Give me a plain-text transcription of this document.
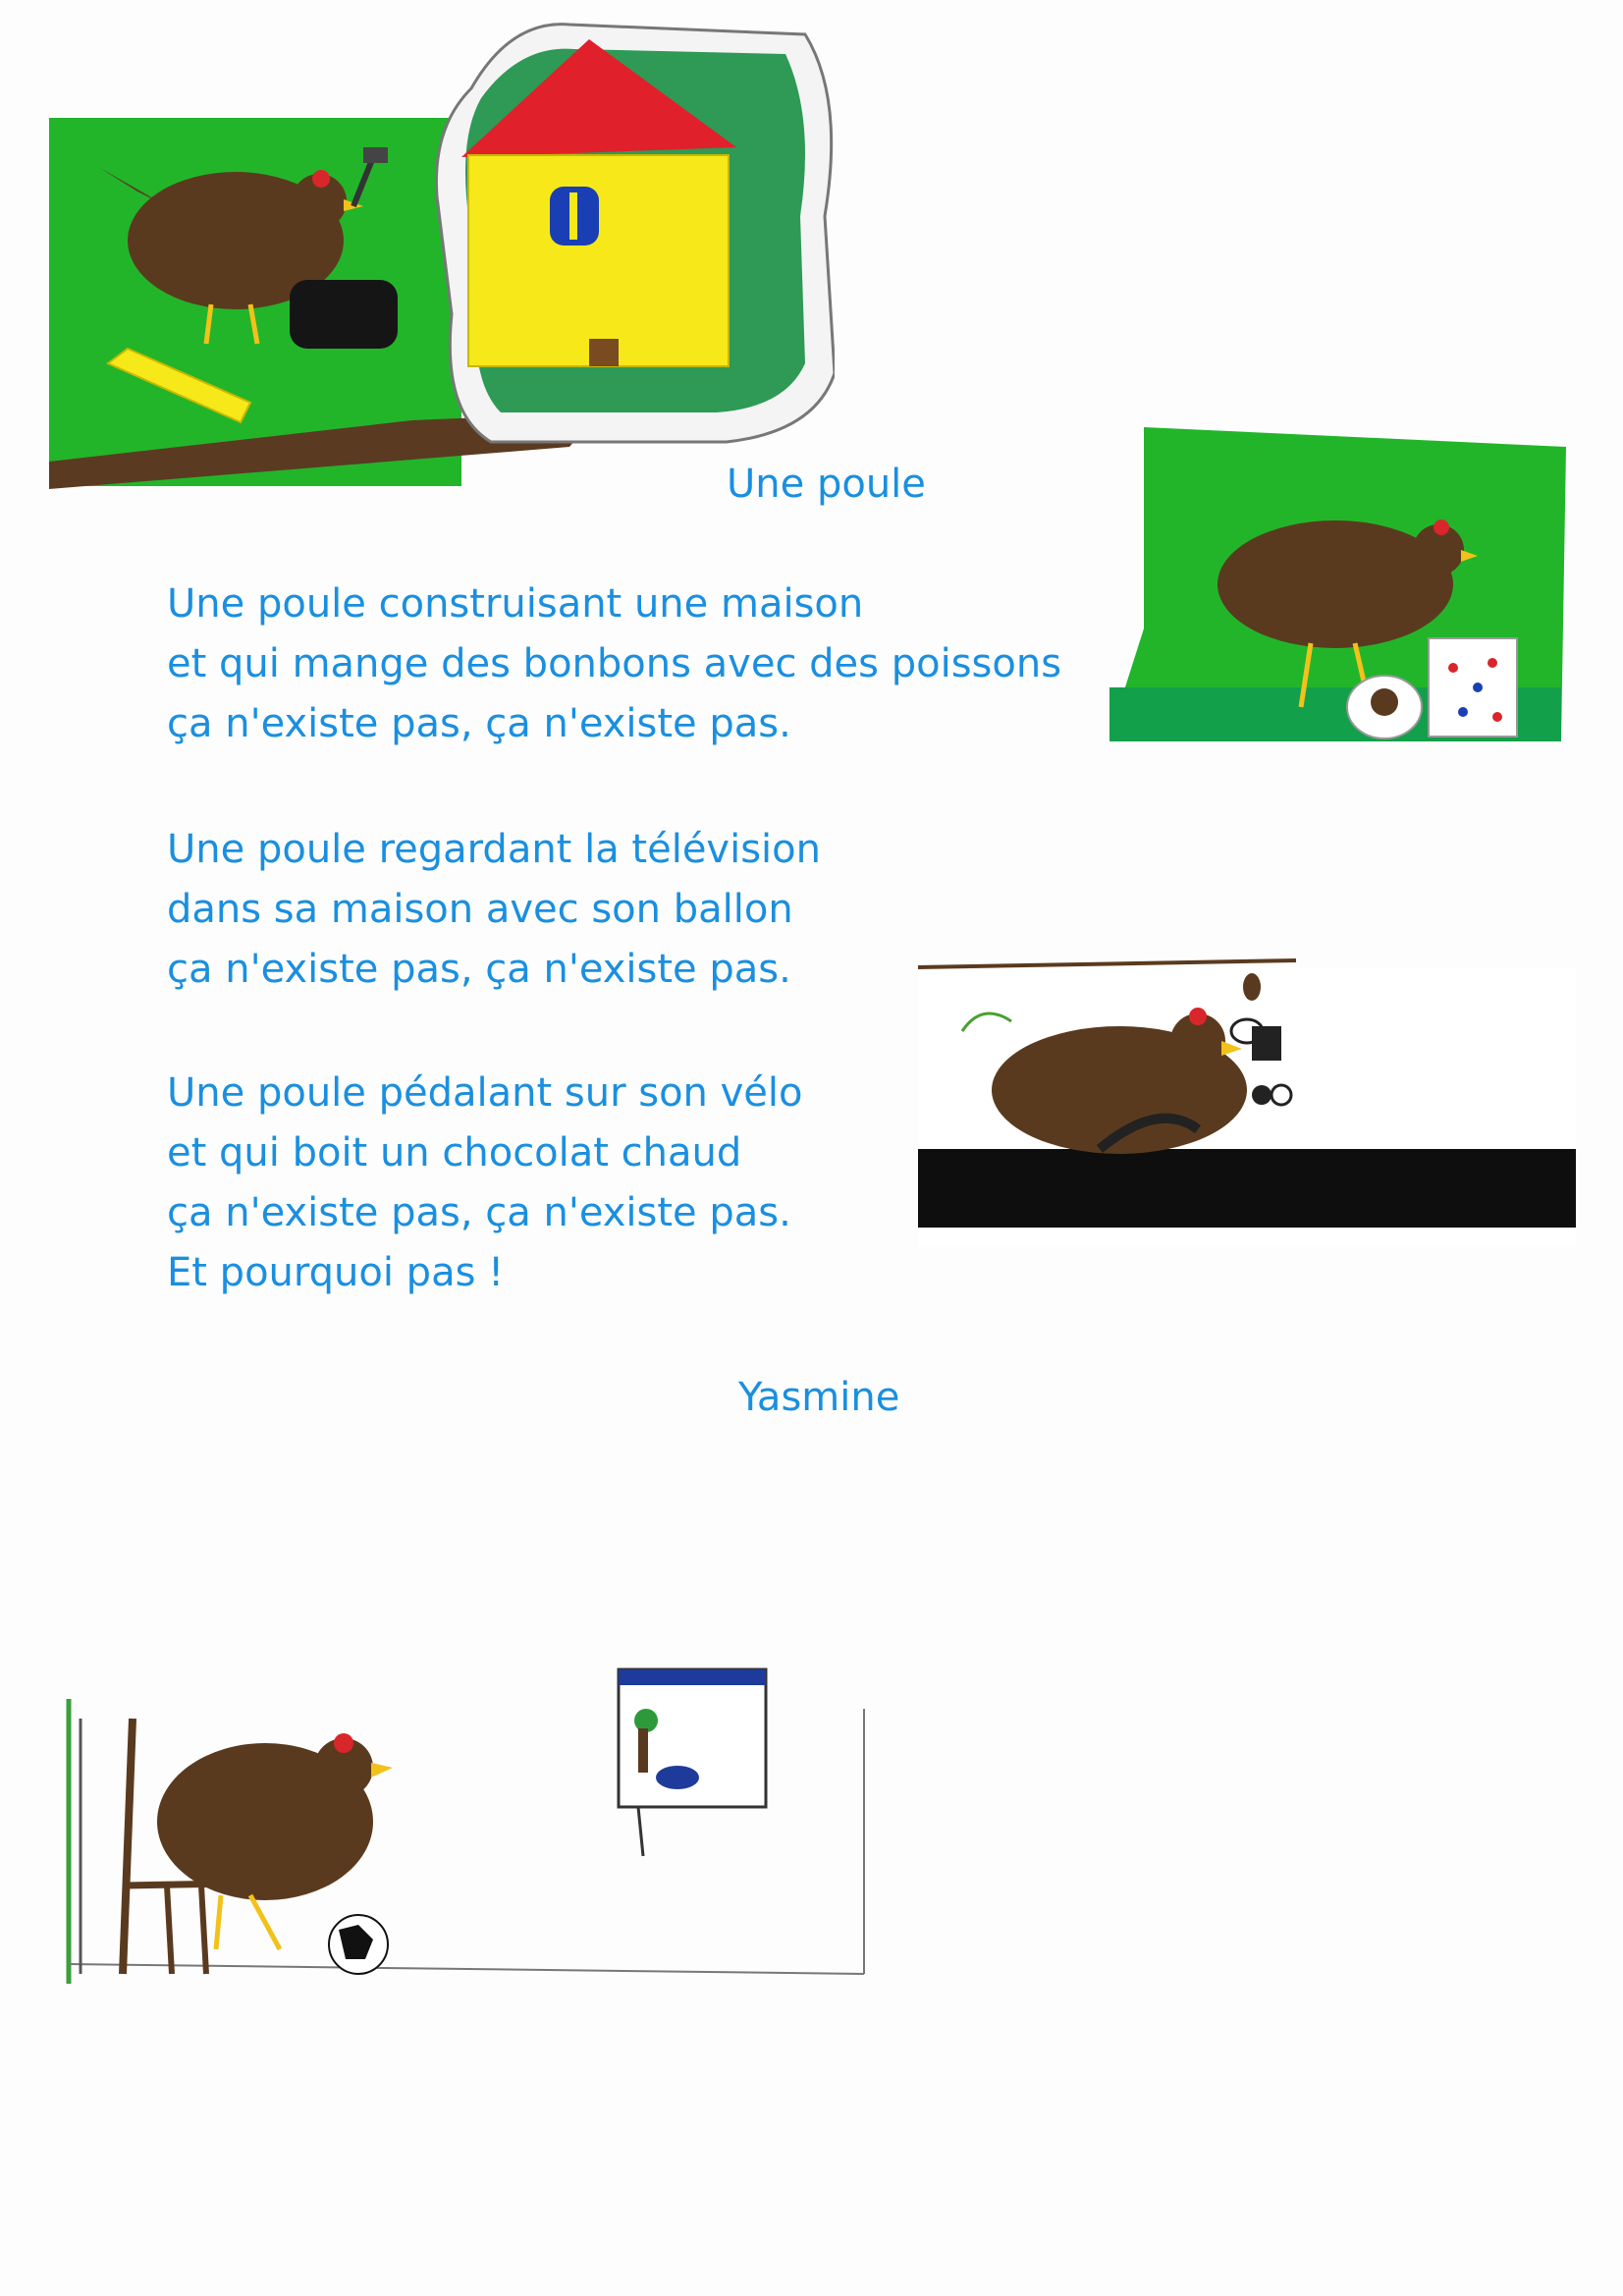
Une poule
Une poule construisant une maison
et qui mange des bonbons avec des poissons
ça n'existe pas, ça n'existe pas.
Une poule regardant la télévision
dans sa maison avec son ballon
ça n'existe pas, ça n'existe pas.
Une poule pédalant sur son vélo
et qui boit un chocolat chaud
ça n'existe pas, ça n'existe pas.
Et pourquoi pas !
Yasmine
